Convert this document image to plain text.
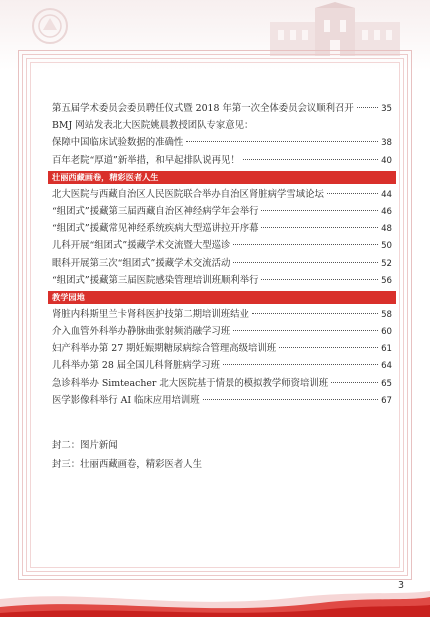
第五届学术委员会委员聘任仪式暨 2018 年第一次全体委员会议顺利召开	35
BMJ 网站发表北大医院姚晨教授团队专家意见：
保障中国临床试验数据的准确性	38
百年老院“厚道”新举措，和早起排队说再见！	40
壮丽西藏画卷，精彩医者人生
北大医院与西藏自治区人民医院联合举办自治区肾脏病学雪域论坛	44
“组团式”援藏第三届西藏自治区神经病学年会举行	46
“组团式”援藏常见神经系统疾病大型巡讲拉开序幕	48
儿科开展“组团式”援藏学术交流暨大型巡诊	50
眼科开展第三次“组团式”援藏学术交流活动	52
“组团式”援藏第三届医院感染管理培训班顺利举行	56
教学园地
肾脏内科斯里兰卡肾科医护技第二期培训班结业	58
介入血管外科举办静脉曲张射频消融学习班	60
妇产科举办第 27 期妊娠期糖尿病综合管理高级培训班	61
儿科举办第 28 届全国儿科肾脏病学习班	64
急诊科举办 Simteacher 北大医院基于情景的模拟教学师资培训班	65
医学影像科举行 AI 临床应用培训班	67
封二：图片新闻
封三：壮丽西藏画卷，精彩医者人生
3
